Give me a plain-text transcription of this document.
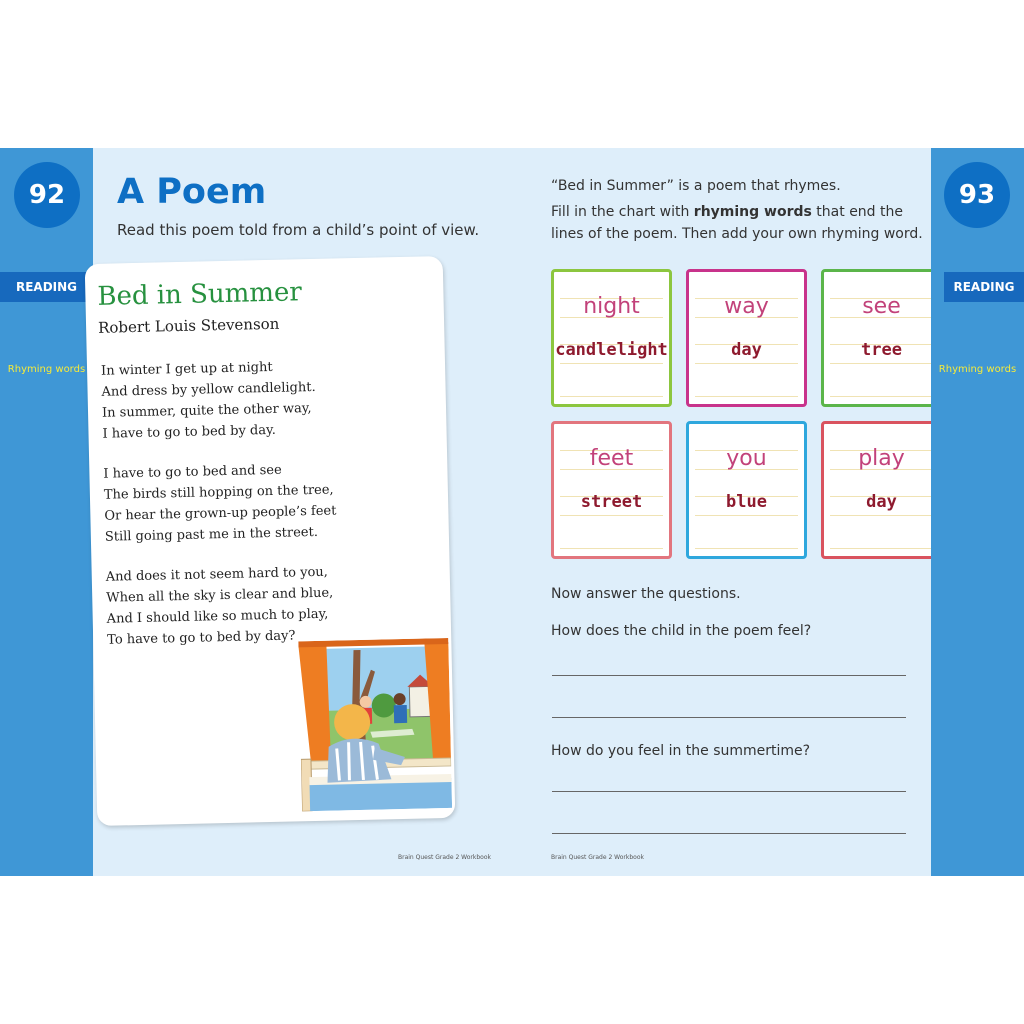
92
READING
Rhyming words
A Poem
Read this poem told from a child’s point of view.
Bed in Summer
Robert Louis Stevenson
In winter I get up at night
And dress by yellow candlelight.
In summer, quite the other way,
I have to go to bed by day.
I have to go to bed and see
The birds still hopping on the tree,
Or hear the grown-up people’s feet
Still going past me in the street.
And does it not seem hard to you,
When all the sky is clear and blue,
And I should like so much to play,
To have to go to bed by day?
Brain Quest Grade 2 Workbook
“Bed in Summer” is a poem that rhymes.
Fill in the chart with rhyming words that end the
lines of the poem. Then add your own rhyming word.
night
candlelight
way
day
see
tree
feet
street
you
blue
play
day
Now answer the questions.
How does the child in the poem feel?
How do you feel in the summertime?
Brain Quest Grade 2 Workbook
93
Rhyming words
READING
